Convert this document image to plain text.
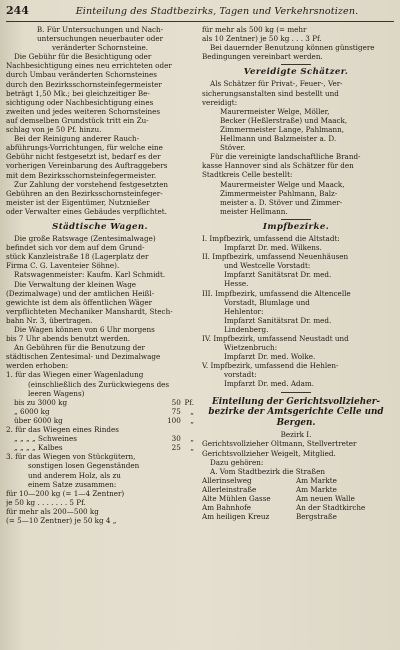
244	Einteilung des Stadtbezirks, Tagen und Verkehrsnotizen.

B. Für Untersuchungen und Nach-

untersuchungen neuerbauter oder

veränderter Schornsteine.

Die Gebühr für die Besichtigung oder

Nachbesichtigung eines neu errichteten oder

durch Umbau veränderten Schornsteines

durch den Bezirksschornsteinfegermeister

beträgt 1,50 Mk.; bei gleichzeitiger Be-

sichtigung oder Nachbesichtigung eines

zweiten und jedes weiteren Schornsteines

auf demselben Grundstück tritt ein Zu-

schlag von je 50 Pf. hinzu.

Bei der Reinigung anderer Rauch-

abführungs-Vorrichtungen, für welche eine

Gebühr nicht festgesetzt ist, bedarf es der

vorherigen Vereinbarung des Auftraggebers

mit dem Bezirksschornsteinfegermeister.

Zur Zahlung der vorstehend festgesetzten

Gebühren an den Bezirksschornsteinfeger-

meister ist der Eigentümer, Nutznießer

oder Verwalter eines Gebäudes verpflichtet.

Städtische Wagen.

Die große Ratswage (Zentesimalwage)

befindet sich vor dem auf dem Grund-

stück Kanzleistraße 18 (Lagerplatz der

Firma C. G. Laventeier Söhne).

Ratswagenmeister: Kaufm. Karl Schmidt.

Die Verwaltung der kleinen Wage

(Dezimalwage) und der amtlichen Heißl-

gewichte ist dem als öffentlichen Wäger

verpflichteten Mechaniker Manshardt, Stech-

bahn Nr. 3, übertragen.

Die Wagen können von 6 Uhr morgens

bis 7 Uhr abends benutzt werden.

An Gebühren für die Benutzung der

städtischen Zentesimal- und Dezimalwage

werden erhoben:

1. für das Wiegen einer Wagenladung

(einschließlich des Zurückwiegens des

leeren Wagens)

bis zu 3000 kg	50	Pf.
„ 6000 kg	75	„
über 6000 kg	100	„
2. für das Wiegen eines Rindes		
„ „ „ „ Schweines	30	„
„ „ „ „ Kalbes	25	„

3. für das Wiegen von Stückgütern,

sonstigen losen Gegenständen

und anderem Holz, als zu

einem Satze zusammen:

für 10—200 kg (= 1—4 Zentner)

je 50 kg . . . . . . . 5 Pf.

für mehr als 200—500 kg

(= 5—10 Zentner) je 50 kg 4 „

für mehr als 500 kg (= mehr

als 10 Zentner) je 50 kg . . . 3 Pf.

Bei dauernder Benutzung können günstigere

Bedingungen vereinbart werden.

Vereidigte Schätzer.

Als Schätzer für Privat-, Feuer-, Ver-

sicherungsanstalten sind bestellt und

vereidigt:

Maurermeister Welge, Möller,

Becker (Heßlerstraße) und Maack,

Zimmermeister Lange, Pahlmann,

Hellmann und Balzmeister a. D.

Stöver.

Für die vereinigte landschaftliche Brand-

kasse Hannover sind als Schätzer für den

Stadtkreis Celle bestellt:

Maurermeister Welge und Maack,

Zimmermeister Pahlmann, Balz-

meister a. D. Stöver und Zimmer-

meister Hellmann.

Impfbezirke.

I. Impfbezirk, umfassend die Altstadt:

Impfarzt Dr. med. Wilkens.

II. Impfbezirk, umfassend Neuenhäusen

und Westcelle Vorstadt:

Impfarzt Sanitätsrat Dr. med.

Hesse.

III. Impfbezirk, umfassend die Altencelle

Vorstadt, Blumlage und

Hehlentor:

Impfarzt Sanitätsrat Dr. med.

Lindenberg.

IV. Impfbezirk, umfassend Neustadt und

Wietzenbruch:

Impfarzt Dr. med. Wolke.

V. Impfbezirk, umfassend die Hehlen-

vorstadt:

Impfarzt Dr. med. Adam.

Einteilung der Gerichtsvollzieher-

bezirke der Amtsgerichte Celle und

Bergen.

Bezirk I.

Gerichtsvollzieher Oltmann, Stellvertreter

Gerichtsvollzieher Weigelt, Mitglied.

Dazu gehören:

A. Vom Stadtbezirk die Straßen

Allerinselweg	Am Markte
Allerleinstraße	Am Markte
Alte Mühlen Gasse	Am neuen Walle
Am Bahnhofe	An der Stadtkirche
Am heiligen Kreuz	Bergstraße
